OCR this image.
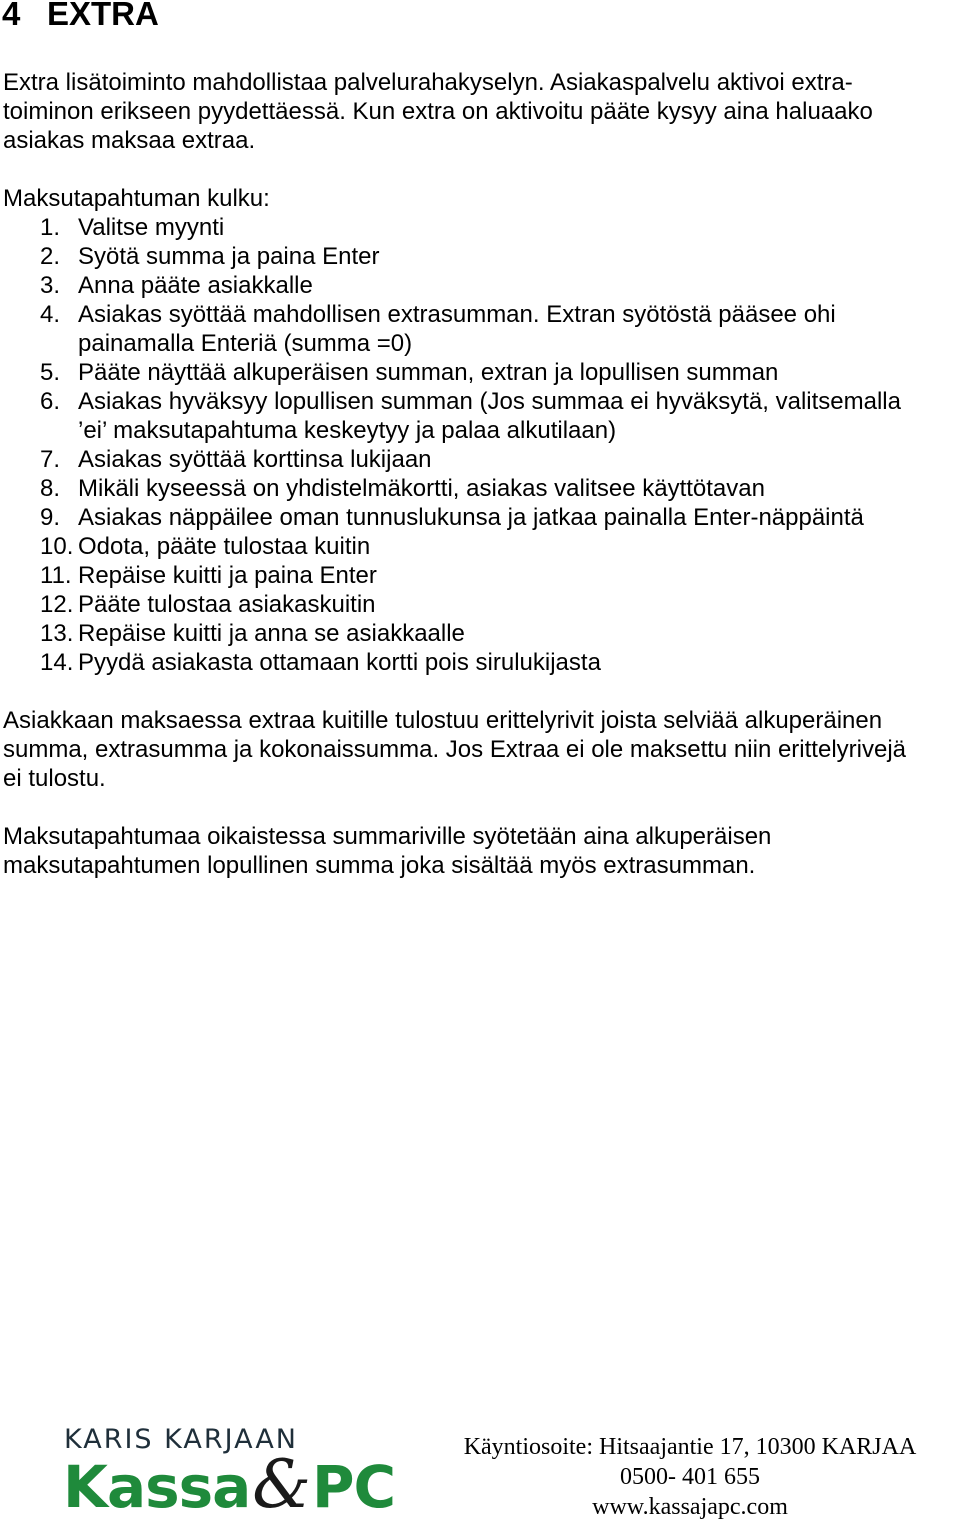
4 EXTRA

Extra lisätoiminto mahdollistaa palvelurahakyselyn. Asiakaspalvelu aktivoi extra-
toiminon erikseen pyydettäessä. Kun extra on aktivoitu pääte kysyy aina haluaako
asiakas maksaa extraa.

Maksutapahtuman kulku:

1. Valitse myynti
2. Syötä summa ja paina Enter
3. Anna pääte asiakkalle
4. Asiakas syöttää mahdollisen extrasumman. Extran syötöstä pääsee ohi
painamalla Enteriä (summa =0)
5. Pääte näyttää alkuperäisen summan, extran ja lopullisen summan
6. Asiakas hyväksyy lopullisen summan (Jos summaa ei hyväksytä, valitsemalla
’ei’ maksutapahtuma keskeytyy ja palaa alkutilaan)
7. Asiakas syöttää korttinsa lukijaan
8. Mikäli kyseessä on yhdistelmäkortti, asiakas valitsee käyttötavan
9. Asiakas näppäilee oman tunnuslukunsa ja jatkaa painalla Enter-näppäintä
10. Odota, pääte tulostaa kuitin
11. Repäise kuitti ja paina Enter
12. Pääte tulostaa asiakaskuitin
13. Repäise kuitti ja anna se asiakkaalle
14. Pyydä asiakasta ottamaan kortti pois sirulukijasta

Asiakkaan maksaessa extraa kuitille tulostuu erittelyrivit joista selviää alkuperäinen
summa, extrasumma ja kokonaissumma. Jos Extraa ei ole maksettu niin erittelyrivejä
ei tulostu.

Maksutapahtumaa oikaistessa summariville syötetään aina alkuperäisen
maksutapahtumen lopullinen summa joka sisältää myös extrasumman.

KARIS KARJAAN
Kassa&PC
Käyntiosoite: Hitsaajantie 17, 10300 KARJAA
0500- 401 655
www.kassajapc.com
